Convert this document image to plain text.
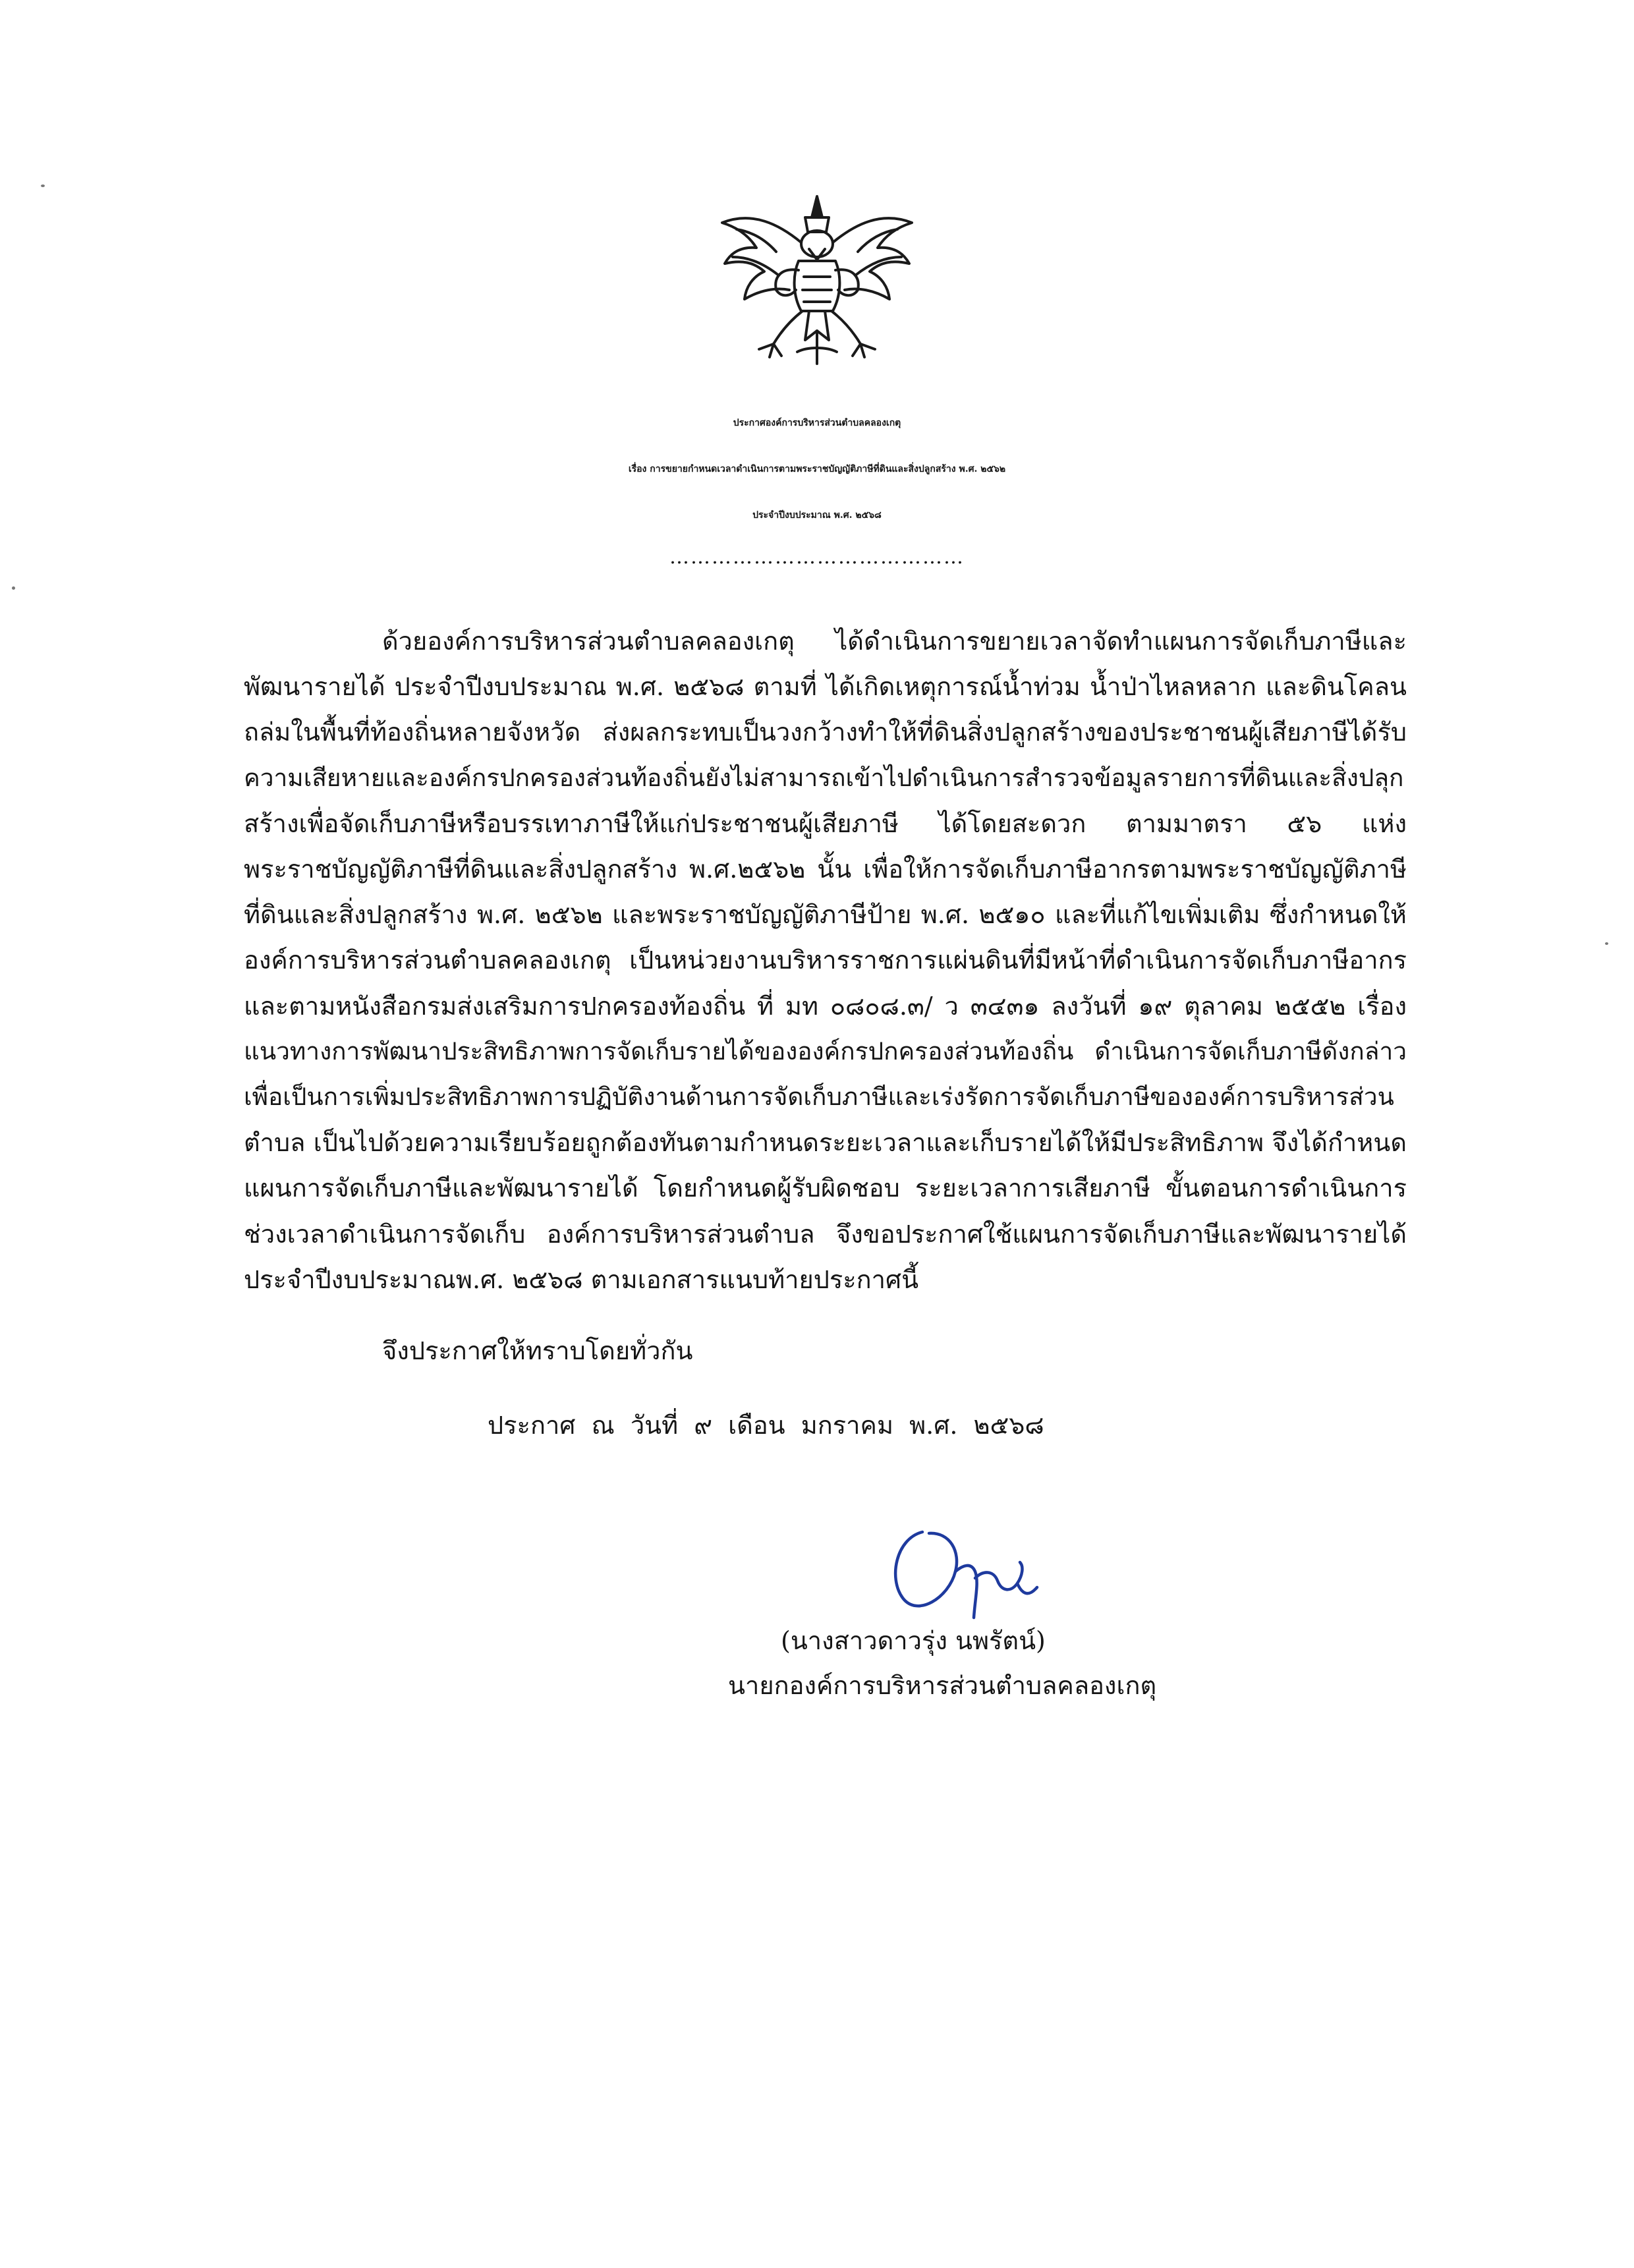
ประกาศองค์การบริหารส่วนตำบลคลองเกตุ
เรื่อง การขยายกำหนดเวลาดำเนินการตามพระราชบัญญัติภาษีที่ดินและสิ่งปลูกสร้าง พ.ศ. ๒๕๖๒
ประจำปีงบประมาณ พ.ศ. ๒๕๖๘
……………………………………
ด้วยองค์การบริหารส่วนตำบลคลองเกตุ ได้ดำเนินการขยายเวลาจัดทำแผนการจัดเก็บภาษีและ
พัฒนารายได้ ประจำปีงบประมาณ พ.ศ. ๒๕๖๘ ตามที่ ได้เกิดเหตุการณ์น้ำท่วม น้ำป่าไหลหลาก และดินโคลน
ถล่มในพื้นที่ท้องถิ่นหลายจังหวัด ส่งผลกระทบเป็นวงกว้างทำให้ที่ดินสิ่งปลูกสร้างของประชาชนผู้เสียภาษีได้รับ
ความเสียหายและองค์กรปกครองส่วนท้องถิ่นยังไม่สามารถเข้าไปดำเนินการสำรวจข้อมูลรายการที่ดินและสิ่งปลุก
สร้างเพื่อจัดเก็บภาษีหรือบรรเทาภาษีให้แก่ประชาชนผู้เสียภาษี ได้โดยสะดวก ตามมาตรา ๕๖ แห่ง
พระราชบัญญัติภาษีที่ดินและสิ่งปลูกสร้าง พ.ศ.๒๕๖๒ นั้น เพื่อให้การจัดเก็บภาษีอากรตามพระราชบัญญัติภาษี
ที่ดินและสิ่งปลูกสร้าง พ.ศ. ๒๕๖๒ และพระราชบัญญัติภาษีป้าย พ.ศ. ๒๕๑๐ และที่แก้ไขเพิ่มเติม ซึ่งกำหนดให้
องค์การบริหารส่วนตำบลคลองเกตุ เป็นหน่วยงานบริหารราชการแผ่นดินที่มีหน้าที่ดำเนินการจัดเก็บภาษีอากร
และตามหนังสือกรมส่งเสริมการปกครองท้องถิ่น ที่ มท ๐๘๐๘.๓/ ว ๓๔๓๑ ลงวันที่ ๑๙ ตุลาคม ๒๕๕๒ เรื่อง
แนวทางการพัฒนาประสิทธิภาพการจัดเก็บรายได้ขององค์กรปกครองส่วนท้องถิ่น ดำเนินการจัดเก็บภาษีดังกล่าว
เพื่อเป็นการเพิ่มประสิทธิภาพการปฏิบัติงานด้านการจัดเก็บภาษีและเร่งรัดการจัดเก็บภาษีขององค์การบริหารส่วน
ตำบล เป็นไปด้วยความเรียบร้อยถูกต้องทันตามกำหนดระยะเวลาและเก็บรายได้ให้มีประสิทธิภาพ จึงได้กำหนด
แผนการจัดเก็บภาษีและพัฒนารายได้ โดยกำหนดผู้รับผิดชอบ ระยะเวลาการเสียภาษี ขั้นตอนการดำเนินการ
ช่วงเวลาดำเนินการจัดเก็บ องค์การบริหารส่วนตำบล จึงขอประกาศใช้แผนการจัดเก็บภาษีและพัฒนารายได้
ประจำปีงบประมาณพ.ศ. ๒๕๖๘ ตามเอกสารแนบท้ายประกาศนี้
จึงประกาศให้ทราบโดยทั่วกัน
ประกาศ ณ วันที่ ๙ เดือน มกราคม พ.ศ. ๒๕๖๘
(นางสาวดาวรุ่ง นพรัตน์)
นายกองค์การบริหารส่วนตำบลคลองเกตุ
